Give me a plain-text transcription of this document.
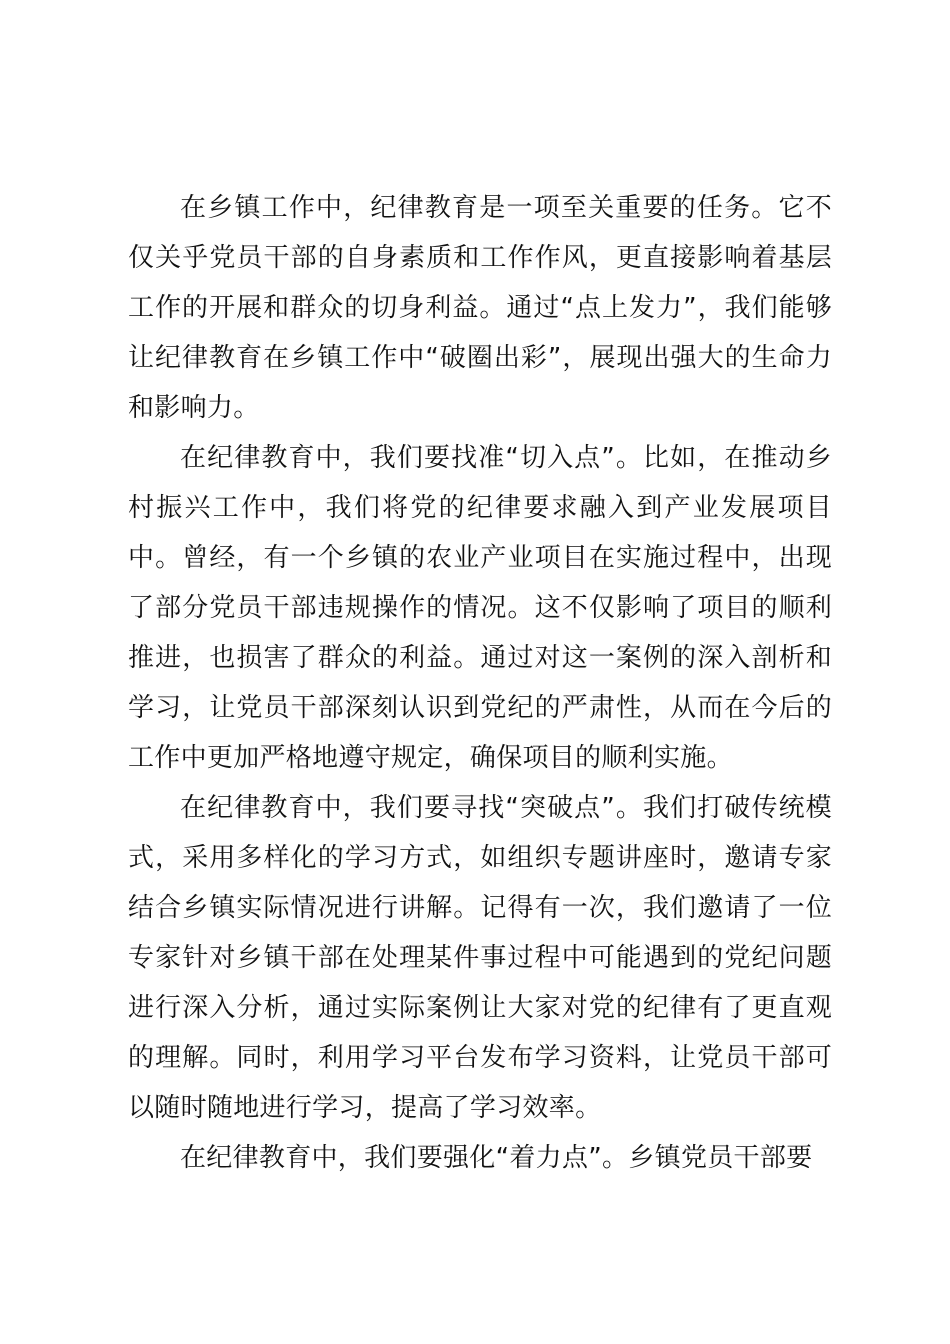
在乡镇工作中，纪律教育是一项至关重要的任务。它不仅关乎党员干部的自身素质和工作作风，更直接影响着基层工作的开展和群众的切身利益。通过“点上发力”，我们能够让纪律教育在乡镇工作中“破圈出彩”，展现出强大的生命力和影响力。

在纪律教育中，我们要找准“切入点”。比如，在推动乡村振兴工作中，我们将党的纪律要求融入到产业发展项目中。曾经，有一个乡镇的农业产业项目在实施过程中，出现了部分党员干部违规操作的情况。这不仅影响了项目的顺利推进，也损害了群众的利益。通过对这一案例的深入剖析和学习，让党员干部深刻认识到党纪的严肃性，从而在今后的工作中更加严格地遵守规定，确保项目的顺利实施。

在纪律教育中，我们要寻找“突破点”。我们打破传统模式，采用多样化的学习方式，如组织专题讲座时，邀请专家结合乡镇实际情况进行讲解。记得有一次，我们邀请了一位专家针对乡镇干部在处理某件事过程中可能遇到的党纪问题进行深入分析，通过实际案例让大家对党的纪律有了更直观的理解。同时，利用学习平台发布学习资料，让党员干部可以随时随地进行学习，提高了学习效率。

在纪律教育中，我们要强化“着力点”。乡镇党员干部要
